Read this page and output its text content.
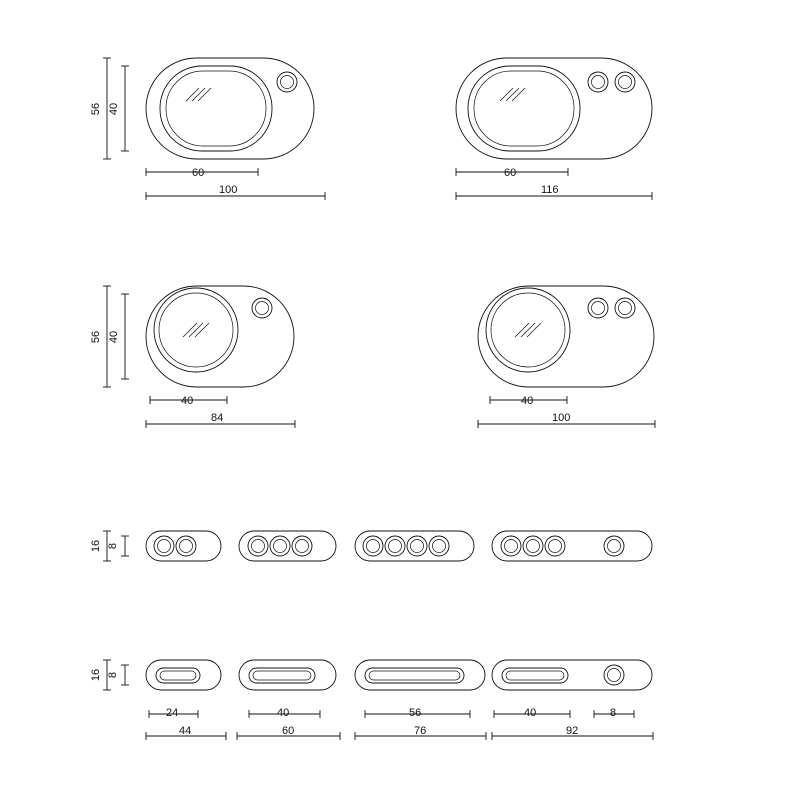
56 40
60
100
60
116
56 40
40
84
40
100
16 8
16 8
24
44
40
60
56
76
40	8
92
